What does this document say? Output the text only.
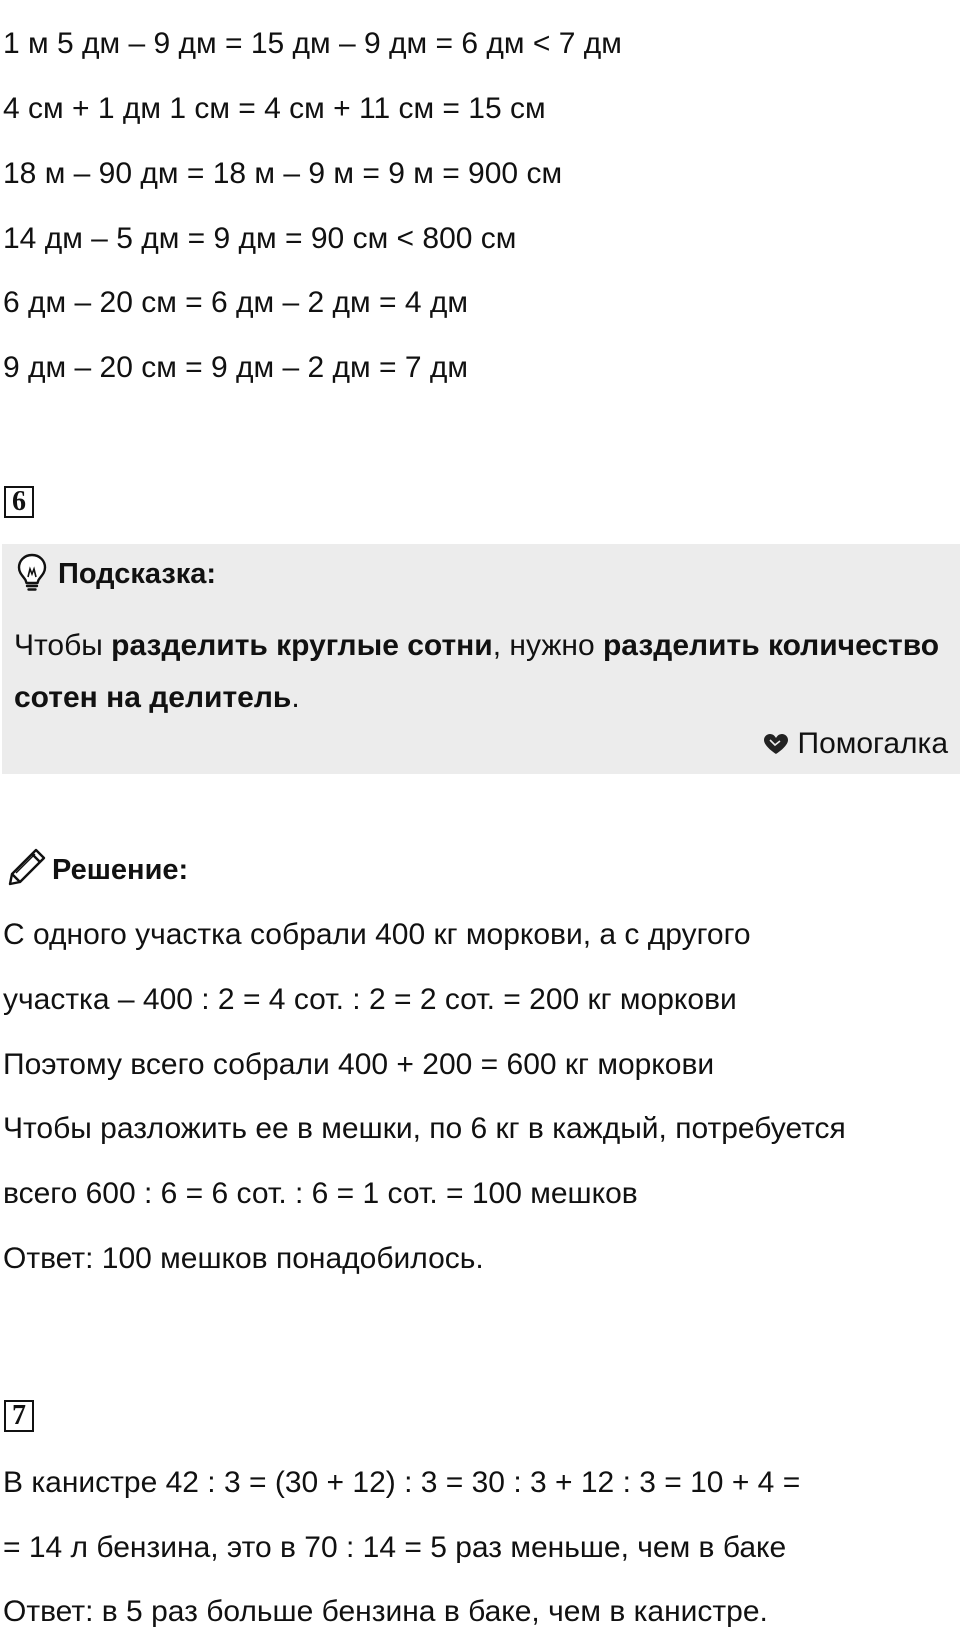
1 м 5 дм – 9 дм = 15 дм – 9 дм = 6 дм < 7 дм
4 см + 1 дм 1 см = 4 см + 11 см = 15 см
18 м – 90 дм = 18 м – 9 м = 9 м = 900 см
14 дм – 5 дм = 9 дм = 90 см < 800 см
6 дм – 20 см = 6 дм – 2 дм = 4 дм
9 дм – 20 см = 9 дм – 2 дм = 7 дм
6
Подсказка:
Чтобы разделить круглые сотни, нужно разделить количество сотен на делитель.
Помогалка
Решение:
С одного участка собрали 400 кг моркови, а с другого
участка – 400 : 2 = 4 сот. : 2 = 2 сот. = 200 кг моркови
Поэтому всего собрали 400 + 200 = 600 кг моркови
Чтобы разложить ее в мешки, по 6 кг в каждый, потребуется
всего 600 : 6 = 6 сот. : 6 = 1 сот. = 100 мешков
Ответ: 100 мешков понадобилось.
7
В канистре 42 : 3 = (30 + 12) : 3 = 30 : 3 + 12 : 3 = 10 + 4 =
= 14 л бензина, это в 70 : 14 = 5 раз меньше, чем в баке
Ответ: в 5 раз больше бензина в баке, чем в канистре.
